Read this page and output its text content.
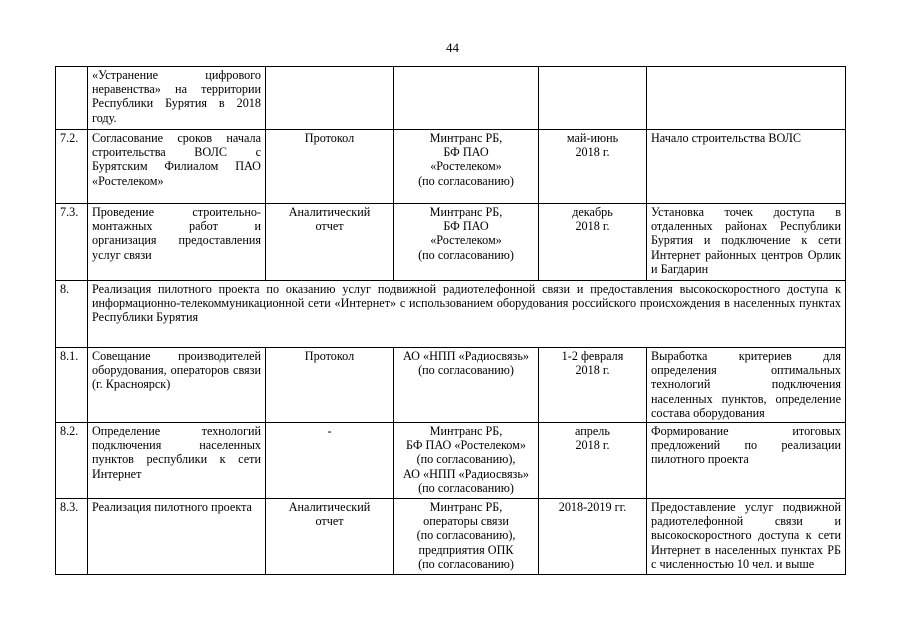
44
	«Устранение цифрового неравенства» на территории Республики Бурятия в 2018 году.				
7.2.	Согласование сроков начала строительства ВОЛС с Бурятским Филиалом ПАО «Ростелеком»	Протокол	Минтранс РБ,
БФ ПАО
«Ростелеком»
(по согласованию)	май-июнь
2018 г.	Начало строительства ВОЛС
7.3.	Проведение строительно-монтажных работ и организация предоставления услуг связи	Аналитический
отчет	Минтранс РБ,
БФ ПАО
«Ростелеком»
(по согласованию)	декабрь
2018 г.	Установка точек доступа в отдаленных районах Республики Бурятия и подключение к сети Интернет районных центров Орлик и Багдарин
8.	Реализация пилотного проекта по оказанию услуг подвижной радиотелефонной связи и предоставления высокоскоростного доступа к информационно-телекоммуникационной сети «Интернет» с использованием оборудования российского происхождения в населенных пунктах Республики Бурятия				
8.1.	Совещание производителей оборудования, операторов связи (г. Красноярск)	Протокол	АО «НПП «Радиосвязь»
(по согласованию)	1-2 февраля
2018 г.	Выработка критериев для определения оптимальных технологий подключения населенных пунктов, определение состава оборудования
8.2.	Определение технологий подключения населенных пунктов республики к сети Интернет	-	Минтранс РБ,
БФ ПАО «Ростелеком»
(по согласованию),
АО «НПП «Радиосвязь»
(по согласованию)	апрель
2018 г.	Формирование итоговых предложений по реализации пилотного проекта
8.3.	Реализация пилотного проекта	Аналитический
отчет	Минтранс РБ,
операторы связи
(по согласованию),
предприятия ОПК
(по согласованию)	2018-2019 гг.	Предоставление услуг подвижной радиотелефонной связи и высокоскоростного доступа к сети Интернет в населенных пунктах РБ с численностью 10 чел. и выше
